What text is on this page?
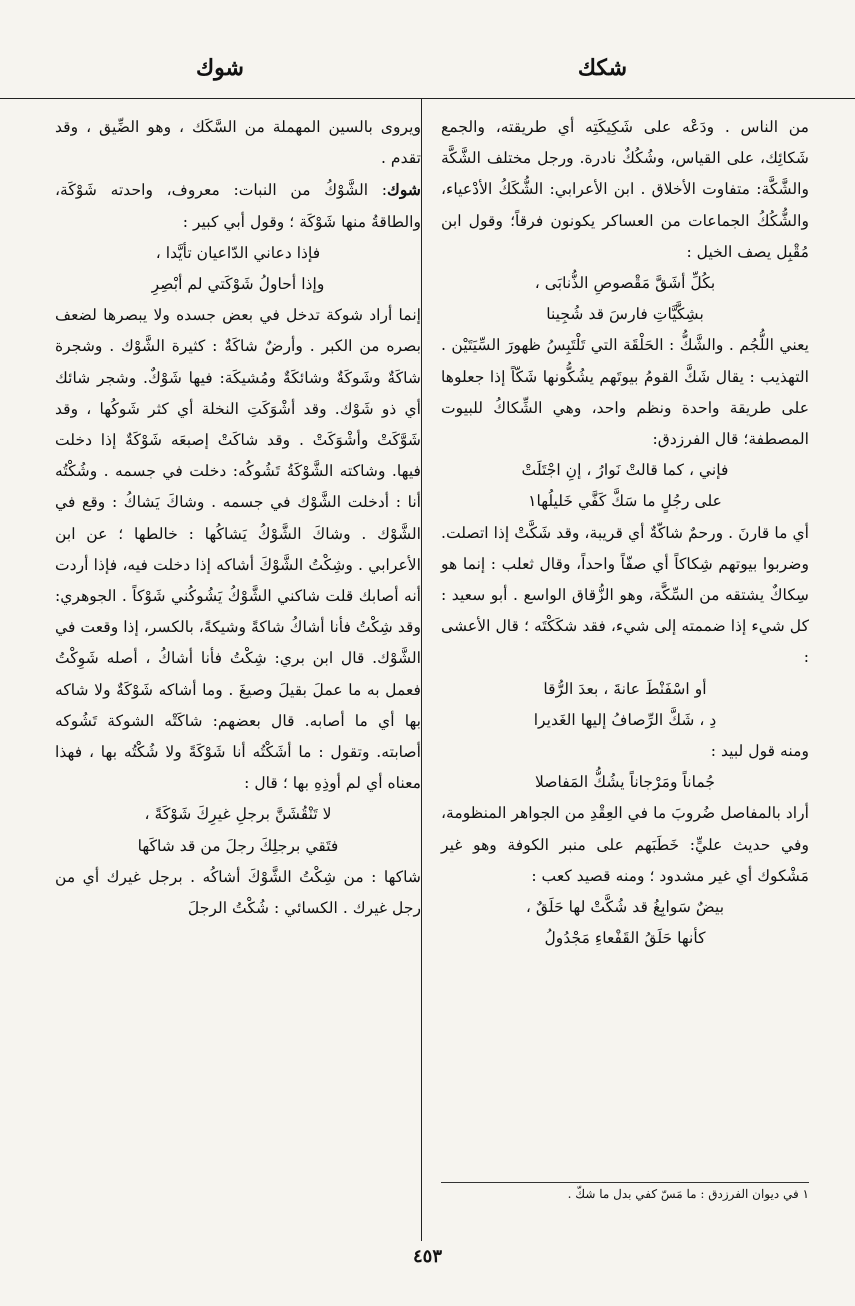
شكك
شوك

من الناس . ودَعْه على شَكِيكَتِه أي طريقته، والجمع شَكائِك، على القياس، وشُكُكٌ نادرة. ورجل مختلف الشَّكَّة والشَّكَّة: متفاوت الأخلاق . ابن الأعرابي: الشُّكَكُ الأدْعياء، والشُّكُكُ الجماعات من العساكر يكونون فرقاً؛ وقول ابن مُقْبِل يصف الخيل :

بكُلِّ أشَقَّ مَقْصوصِ الذُّنابَى ،

بشِكَّيَّاتِ فارسَ قد شُجِينا

يعني اللُّجُم . والشَّكُّ : الحَلْقَة التي تَلْتَبِسُ ظهورَ السِّيَتَيْن . التهذيب : يقال شَكَّ القومُ بيوتَهم يشُكُّونها شَكّاً إذا جعلوها على طريقة واحدة ونظم واحد، وهي الشِّكاكُ للبيوت المصطفة؛ قال الفرزدق:

فإني ، كما قالتْ نَوارُ ، إنِ اجْتَلَتْ

على رجُلٍ ما سَكَّ كَفَّي خَليلُها١

أي ما قارنَ . ورحمٌ شاكّةٌ أي قريبة، وقد شَكَّتْ إذا اتصلت. وضربوا بيوتهم شِكاكاً أي صفّاً واحداً، وقال ثعلب : إنما هو سِكاكٌ يشتقه من السِّكَّة، وهو الزُّقاق الواسع . أبو سعيد : كل شيء إذا ضممته إلى شيء، فقد شكَكْتَه ؛ قال الأعشى :

أو اسْفَنْطَ عانةَ ، بعدَ الرُّقا

دِ ، شَكَّ الرِّصافُ إليها الغَديرا

ومنه قول لبيد :

جُماناً ومَرْجاناً يشُكُّ المَفاصلا

أراد بالمفاصل ضُروبَ ما في العِقْدِ من الجواهر المنظومة، وفي حديث عليٍّ: خَطَبَهم على منبر الكوفة وهو غير مَشْكوك أي غير مشدود ؛ ومنه قصيد كعب :

بيضٌ سَوابِغُ قد شُكَّتْ لها حَلَقٌ ،

كأنها حَلَقُ القَفْعاءِ مَجْدُولُ

ويروى بالسين المهملة من السَّكَك ، وهو الضِّيق ، وقد تقدم .

شوك: الشَّوْكُ من النبات: معروف، واحدته شَوْكَة، والطاقةُ منها شَوْكَة ؛ وقول أبي كبير :

فإذا دعاني الدّاعيان تأيَّدا ،

وإذا أحاولُ شَوْكَتي لم أبْصِرِ

إنما أراد شوكة تدخل في بعض جسده ولا يبصرها لضعف بصره من الكبر . وأرضٌ شاكَةٌ : كثيرة الشَّوْك . وشجرة شاكَةٌ وشَوكَةٌ وشائكَةٌ ومُشيكَة: فيها شَوْكٌ. وشجر شائك أي ذو شَوْك. وقد أشْوَكَتِ النخلة أي كثر شَوكُها ، وقد شَوَّكَتْ وأشْوَكَتْ . وقد شاكَتْ إصبعَه شَوْكَةٌ إذا دخلت فيها. وشاكته الشَّوْكَةُ تَشُوكُه: دخلت في جسمه . وشُكْتُه أنا : أدخلت الشَّوْك في جسمه . وشاكَ يَشاكُ : وقع في الشَّوْك . وشاكَ الشَّوْكُ يَشاكُها : خالطها ؛ عن ابن الأعرابي . وشِكْتُ الشَّوْكَ أشاكه إذا دخلت فيه، فإذا أردت أنه أصابك قلت شاكني الشَّوْكُ يَشُوكُني شَوْكاً . الجوهري: وقد شِكْتُ فأنا أشاكُ شاكةً وشيكةً، بالكسر، إذا وقعت في الشَّوْك. قال ابن بري: شِكْتُ فأنا أشاكُ ، أصله شَوِكْتُ فعمل به ما عملَ بقيلَ وصيغَ . وما أشاكه شَوْكَةٌ ولا شاكه بها أي ما أصابه. قال بعضهم: شاكَتْه الشوكة تَشُوكه أصابته. وتقول : ما أشَكْتُه أنا شَوْكَةً ولا شُكْتُه بها ، فهذا معناه أي لم أوذِهِ بها ؛ قال :

لا تَنْقُشَنَّ برجلِ غيرِكَ شَوْكَةً ،

فتَقي برجلِكَ رجلَ من قد شاكَها

شاكها : من شِكْتُ الشَّوْكَ أشاكُه . برجل غيرك أي من رجل غيرك . الكسائي : شُكْتُ الرجلَ

١ في ديوان الفرزدق : ما مَسّ كفي بدل ما شكّ .
٤٥٣
